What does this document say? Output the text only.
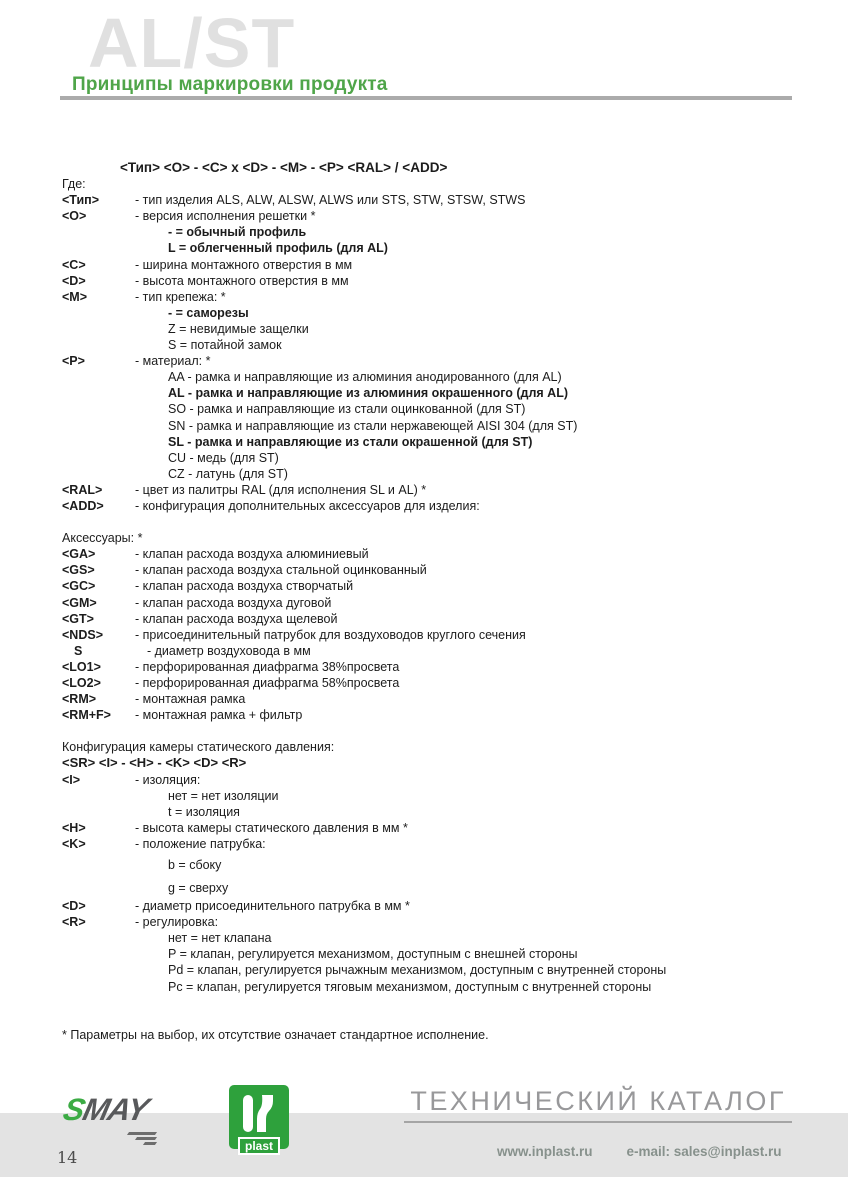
AL/ST
Принципы маркировки продукта
<Тип> <O> - <C> x <D> - <M> - <P> <RAL> / <ADD>
Где:
<Тип>	- тип изделия ALS, ALW, ALSW, ALWS или STS, STW, STSW, STWS
<O>	- версия исполнения решетки *
- = обычный профиль
L = облегченный профиль (для AL)
<C>	- ширина монтажного отверстия в мм
<D>	- высота монтажного отверстия в мм
<M>	- тип крепежа: *
- = саморезы
Z = невидимые защелки
S = потайной замок
<P>	- материал: *
AA - рамка и направляющие из алюминия анодированного (для AL)
AL - рамка и направляющие из алюминия окрашенного (для AL)
SO - рамка и направляющие из стали оцинкованной (для ST)
SN - рамка и направляющие из стали нержавеющей AISI 304 (для ST)
SL - рамка и направляющие из стали окрашенной (для ST)
CU - медь (для ST)
CZ - латунь (для ST)
<RAL>	- цвет из палитры RAL (для исполнения SL и AL) *
<ADD>	- конфигурация дополнительных аксессуаров для изделия:
Аксессуары: *
<GA>	- клапан расхода воздуха алюминиевый
<GS>	- клапан расхода воздуха стальной оцинкованный
<GC>	- клапан расхода воздуха створчатый
<GM>	- клапан расхода воздуха дуговой
<GT>	- клапан расхода воздуха щелевой
<NDS>	- присоединительный патрубок для воздуховодов круглого сечения
S	- диаметр воздуховода в мм
<LO1>	- перфорированная диафрагма 38%просвета
<LO2>	- перфорированная диафрагма 58%просвета
<RM>	- монтажная рамка
<RM+F> - монтажная рамка + фильтр
Конфигурация камеры статического давления:
<SR> <I> - <H> - <K> <D> <R>
<I>	- изоляция:
нет = нет изоляции
t = изоляция
<H>	- высота камеры статического давления в мм *
<K>	- положение патрубка:
b = сбоку
g = сверху
<D>	- диаметр присоединительного патрубка в мм *
<R>	- регулировка:
нет = нет клапана
P = клапан, регулируется механизмом, доступным с внешней стороны
Pd = клапан, регулируется рычажным механизмом, доступным с внутренней стороны
Pc = клапан, регулируется тяговым механизмом, доступным с внутренней стороны
* Параметры на выбор, их отсутствие означает стандартное исполнение.
SMAY
plast
ТЕХНИЧЕСКИЙ КАТАЛОГ
www.inplast.ru	e-mail: sales@inplast.ru
14
